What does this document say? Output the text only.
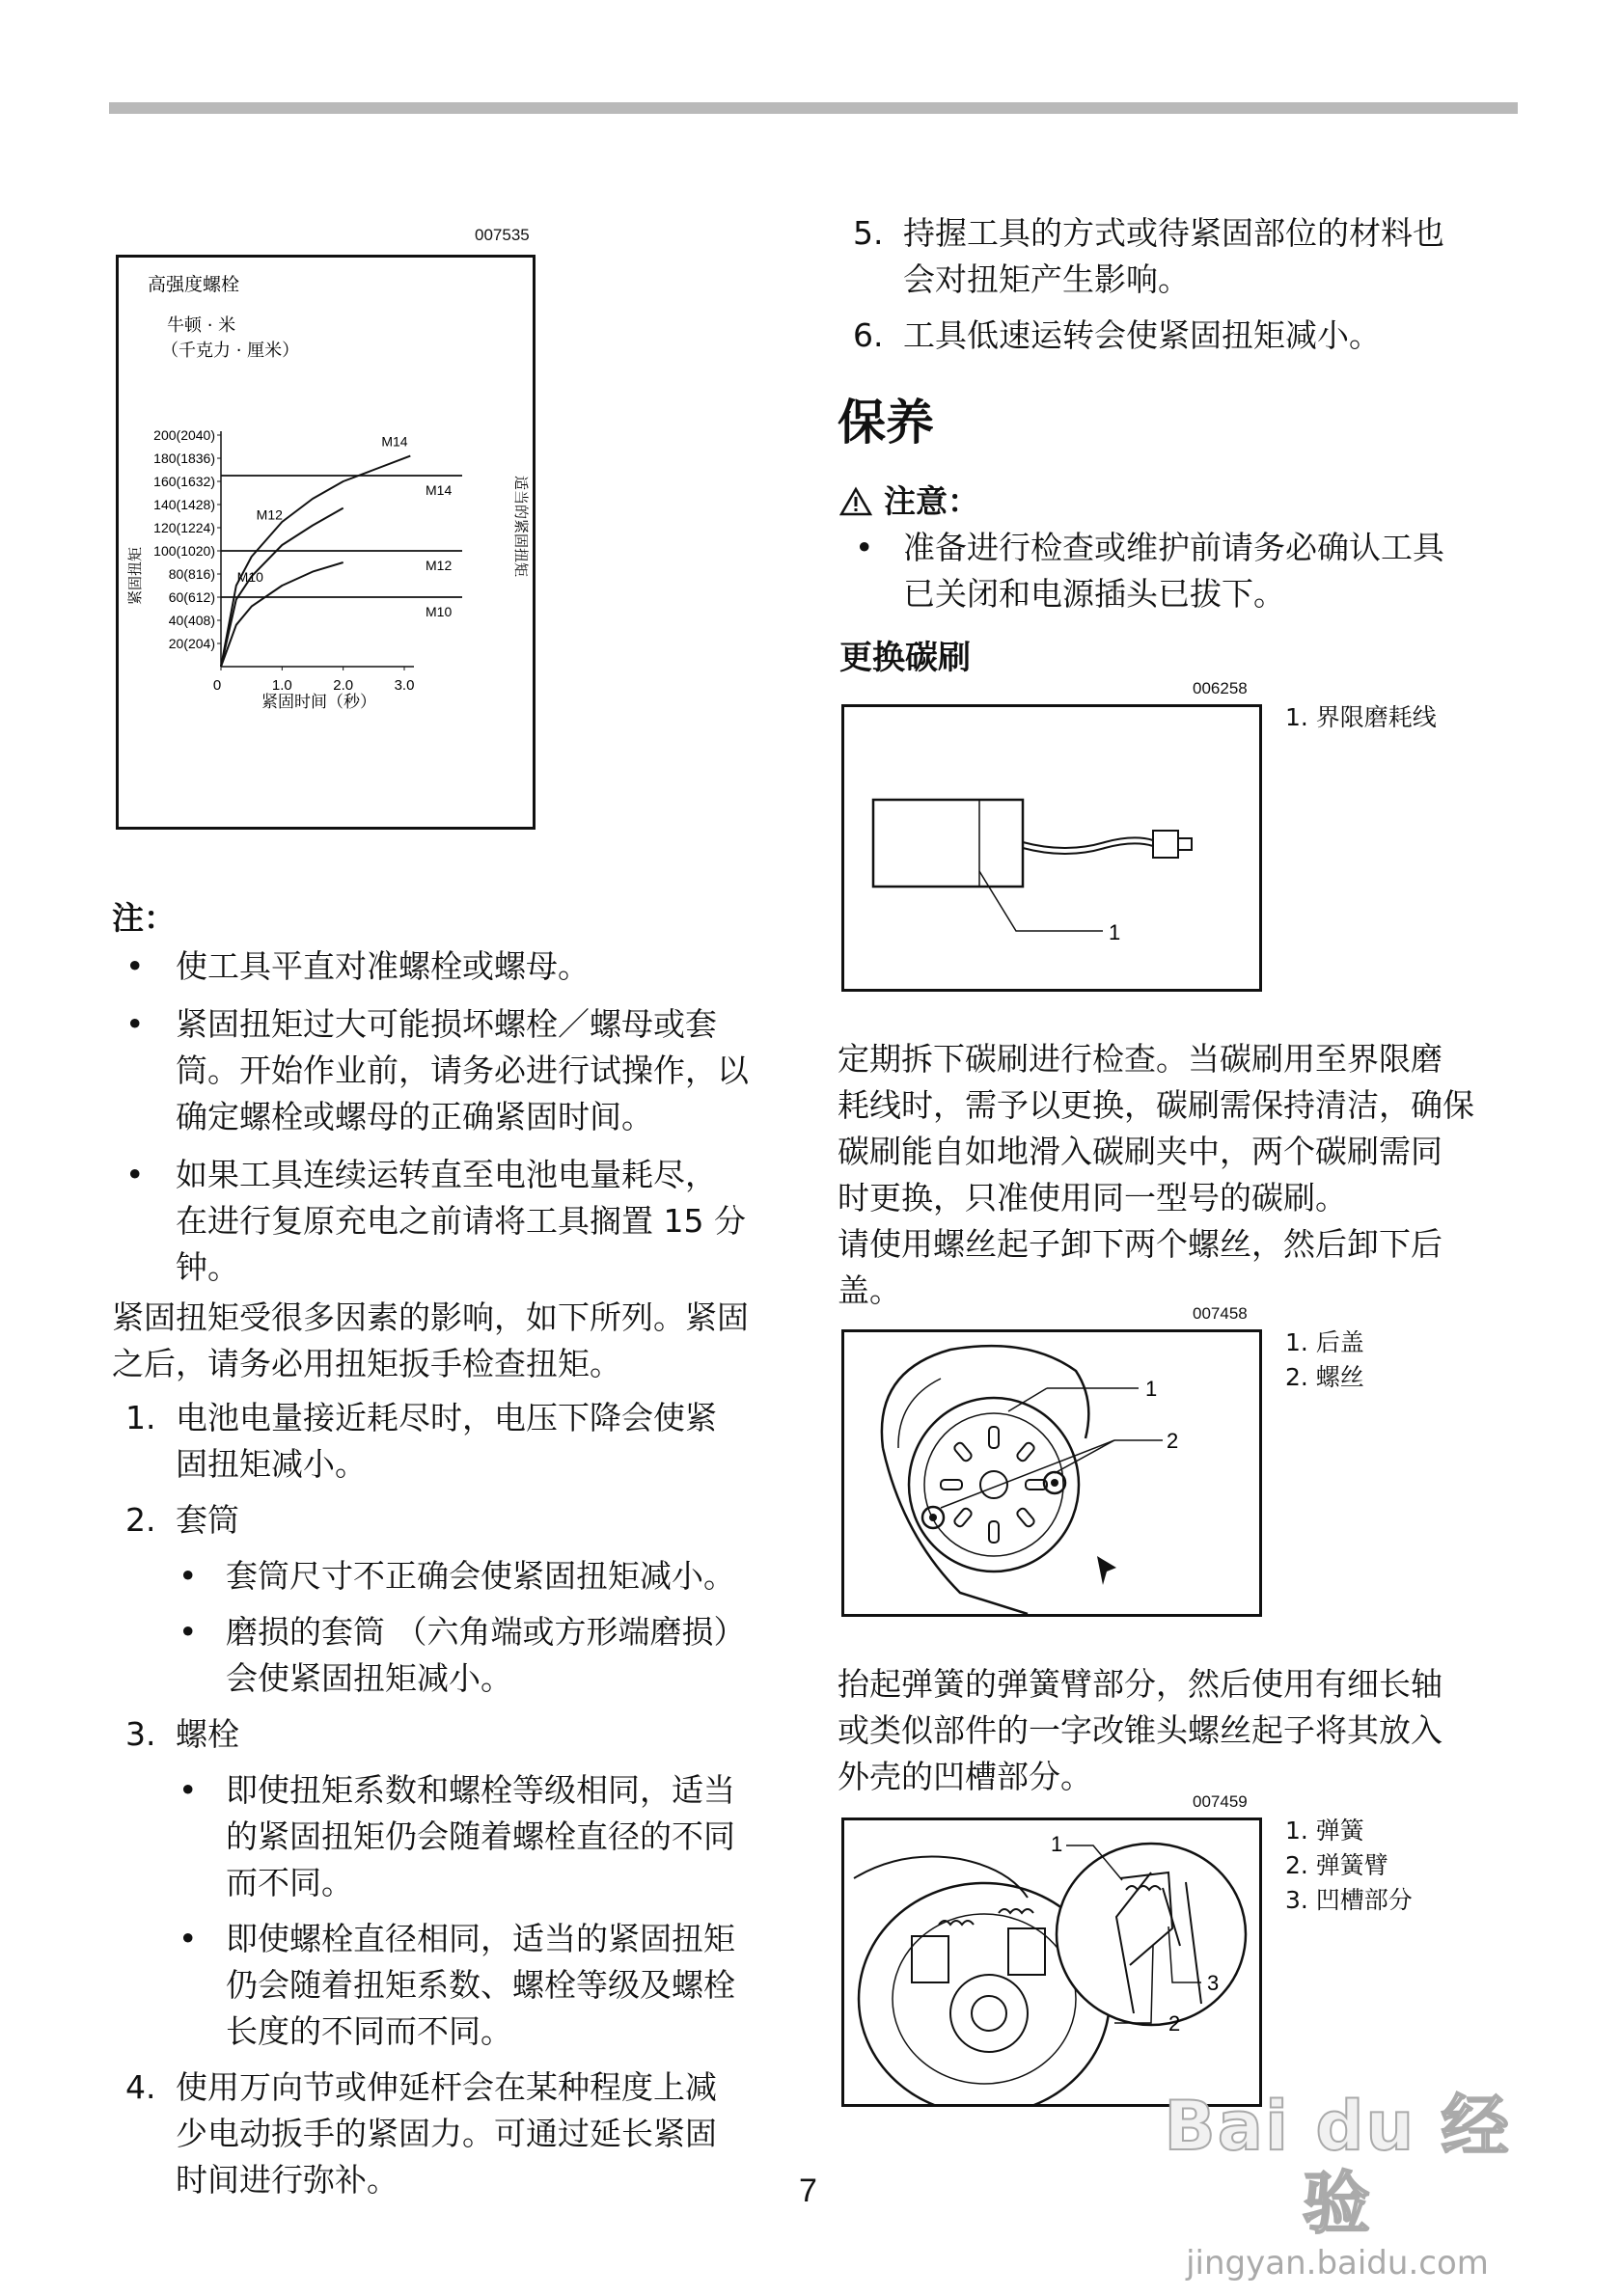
007535
高强度螺栓
牛顿 · 米
（千克力 · 厘米）
紧固扭矩	适当的紧固扭矩
紧固时间（秒）
20(204)
40(408)
60(612)
80(816)
100(1020)
120(1224)
140(1428)
160(1632)
180(1836)
200(2040)
0	1.0	2.0	3.0
M14
M12
M10
M14
M12
M10
注：
保养
注意：
更换碳刷
006258
1
1. 界限磨耗线
007458
1
2
1. 后盖
2. 螺丝
007459
1
3
2
1. 弹簧
2. 弹簧臂
3. 凹槽部分
7
Bai du 经验
jingyan.baidu.com
• 使工具平直对准螺栓或螺母。
• 紧固扭矩过大可能损坏螺栓／螺母或套
筒。开始作业前，请务必进行试操作，以
确定螺栓或螺母的正确紧固时间。
• 如果工具连续运转直至电池电量耗尽，
在进行复原充电之前请将工具搁置 15 分
钟。
紧固扭矩受很多因素的影响，如下所列。紧固
之后，请务必用扭矩扳手检查扭矩。
1. 电池电量接近耗尽时，电压下降会使紧
固扭矩减小。
2. 套筒
• 套筒尺寸不正确会使紧固扭矩减小。
• 磨损的套筒 （六角端或方形端磨损）
会使紧固扭矩减小。
3. 螺栓
• 即使扭矩系数和螺栓等级相同，适当
的紧固扭矩仍会随着螺栓直径的不同
而不同。
• 即使螺栓直径相同，适当的紧固扭矩
仍会随着扭矩系数、螺栓等级及螺栓
长度的不同而不同。
4. 使用万向节或伸延杆会在某种程度上减
少电动扳手的紧固力。可通过延长紧固
时间进行弥补。
5. 持握工具的方式或待紧固部位的材料也
会对扭矩产生影响。
6. 工具低速运转会使紧固扭矩减小。
• 准备进行检查或维护前请务必确认工具
已关闭和电源插头已拔下。
定期拆下碳刷进行检查。当碳刷用至界限磨
耗线时，需予以更换，碳刷需保持清洁，确保
碳刷能自如地滑入碳刷夹中，两个碳刷需同
时更换，只准使用同一型号的碳刷。
请使用螺丝起子卸下两个螺丝，然后卸下后
盖。
抬起弹簧的弹簧臂部分，然后使用有细长轴
或类似部件的一字改锥头螺丝起子将其放入
外壳的凹槽部分。
